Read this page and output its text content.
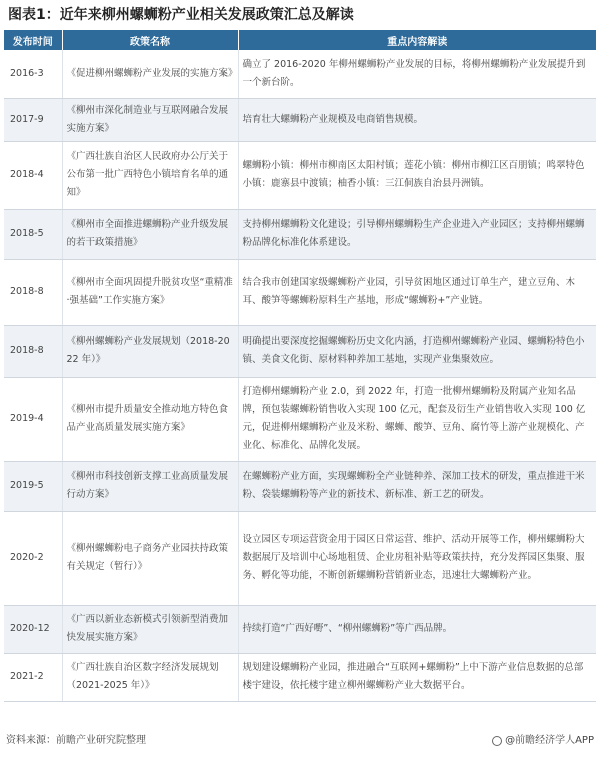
图表1：近年来柳州螺蛳粉产业相关发展政策汇总及解读
发布时间	政策名称	重点内容解读
2016-3	《促进柳州螺蛳粉产业发展的实施方案》	确立了 2016-2020 年柳州螺蛳粉产业发展的目标，将柳州螺蛳粉产业发展提升到一个新台阶。
2017-9	《柳州市深化制造业与互联网融合发展实施方案》	培育壮大螺蛳粉产业规模及电商销售规模。
2018-4	《广西壮族自治区人民政府办公厅关于公布第一批广西特色小镇培育名单的通知》	螺蛳粉小镇：柳州市柳南区太阳村镇；莲花小镇：柳州市柳江区百朋镇；鸣翠特色小镇：鹿寨县中渡镇；柚香小镇：三江侗族自治县丹洲镇。
2018-5	《柳州市全面推进螺蛳粉产业升级发展的若干政策措施》	支持柳州螺蛳粉文化建设；引导柳州螺蛳粉生产企业进入产业园区；支持柳州螺蛳粉品牌化标准化体系建设。
2018-8	《柳州市全面巩固提升脱贫攻坚“重精准·强基础”工作实施方案》	结合我市创建国家级螺蛳粉产业园，引导贫困地区通过订单生产，建立豆角、木耳、酸笋等螺蛳粉原料生产基地，形成“螺蛳粉+”产业链。
2018-8	《柳州螺蛳粉产业发展规划（2018-2022 年）》	明确提出要深度挖掘螺蛳粉历史文化内涵，打造柳州螺蛳粉产业园、螺蛳粉特色小镇、美食文化街、原材料种养加工基地，实现产业集聚效应。
2019-4	《柳州市提升质量安全推动地方特色食品产业高质量发展实施方案》	打造柳州螺蛳粉产业 2.0，到 2022 年，打造一批柳州螺蛳粉及附属产业知名品牌，预包装螺蛳粉销售收入实现 100 亿元，配套及衍生产业销售收入实现 100 亿元，促进柳州螺蛳粉产业及米粉、螺蛳、酸笋、豆角、腐竹等上游产业规模化、产业化、标准化、品牌化发展。
2019-5	《柳州市科技创新支撑工业高质量发展行动方案》	在螺蛳粉产业方面，实现螺蛳粉全产业链种养、深加工技术的研发，重点推进干米粉、袋装螺蛳粉等产业的新技术、新标准、新工艺的研发。
2020-2	《柳州螺蛳粉电子商务产业园扶持政策有关规定（暂行）》	设立园区专项运营资金用于园区日常运营、维护、活动开展等工作，柳州螺蛳粉大数据展厅及培训中心场地租赁、企业房租补贴等政策扶持，充分发挥园区集聚、服务、孵化等功能，不断创新螺蛳粉营销新业态，迅速壮大螺蛳粉产业。
2020-12	《广西以新业态新模式引领新型消费加快发展实施方案》	持续打造“广西好嘢”、“柳州螺蛳粉”等广西品牌。
2021-2	《广西壮族自治区数字经济发展规划（2021-2025 年）》	规划建设螺蛳粉产业园，推进融合“互联网+螺蛳粉”上中下游产业信息数据的总部楼宇建设，依托楼宇建立柳州螺蛳粉产业大数据平台。
资料来源：前瞻产业研究院整理	@前瞻经济学人APP
